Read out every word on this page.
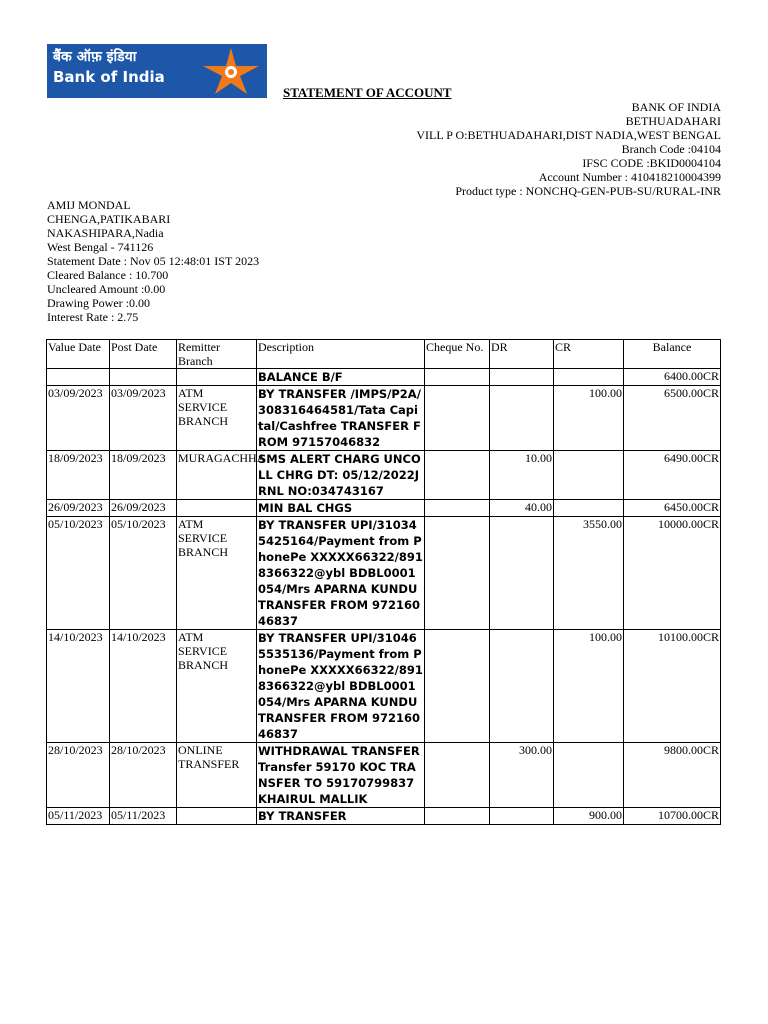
बैंक ऑफ़ इंडिया
Bank of India
STATEMENT OF ACCOUNT
BANK OF INDIA
BETHUADAHARI
VILL P O:BETHUADAHARI,DIST NADIA,WEST BENGAL
Branch Code :04104
IFSC CODE :BKID0004104
Account Number : 410418210004399
Product type : NONCHQ-GEN-PUB-SU/RURAL-INR
AMIJ MONDAL
CHENGA,PATIKABARI
NAKASHIPARA,Nadia
West Bengal - 741126
Statement Date : Nov 05 12:48:01 IST 2023
Cleared Balance : 10.700
Uncleared Amount :0.00
Drawing Power :0.00
Interest Rate : 2.75
Value Date	Post Date	Remitter Branch	Description	Cheque No.	DR	CR	Balance
			BALANCE B/F				6400.00CR
03/09/2023	03/09/2023	ATM SERVICE BRANCH	BY TRANSFER /IMPS/P2A/308316464581/Tata Capital/Cashfree TRANSFER FROM 97157046832			100.00	6500.00CR
18/09/2023	18/09/2023	MURAGACHHA	SMS ALERT CHARG UNCOLL CHRG DT: 05/12/2022JRNL NO:034743167		10.00		6490.00CR
26/09/2023	26/09/2023		MIN BAL CHGS		40.00		6450.00CR
05/10/2023	05/10/2023	ATM SERVICE BRANCH	BY TRANSFER UPI/310345425164/Payment from PhonePe XXXXX66322/8918366322@ybl BDBL0001054/Mrs APARNA KUNDU TRANSFER FROM 97216046837			3550.00	10000.00CR
14/10/2023	14/10/2023	ATM SERVICE BRANCH	BY TRANSFER UPI/310465535136/Payment from PhonePe XXXXX66322/8918366322@ybl BDBL0001054/Mrs APARNA KUNDU TRANSFER FROM 97216046837			100.00	10100.00CR
28/10/2023	28/10/2023	ONLINE TRANSFER	WITHDRAWAL TRANSFER Transfer 59170 KOC TRANSFER TO 59170799837 KHAIRUL MALLIK		300.00		9800.00CR
05/11/2023	05/11/2023		BY TRANSFER			900.00	10700.00CR
